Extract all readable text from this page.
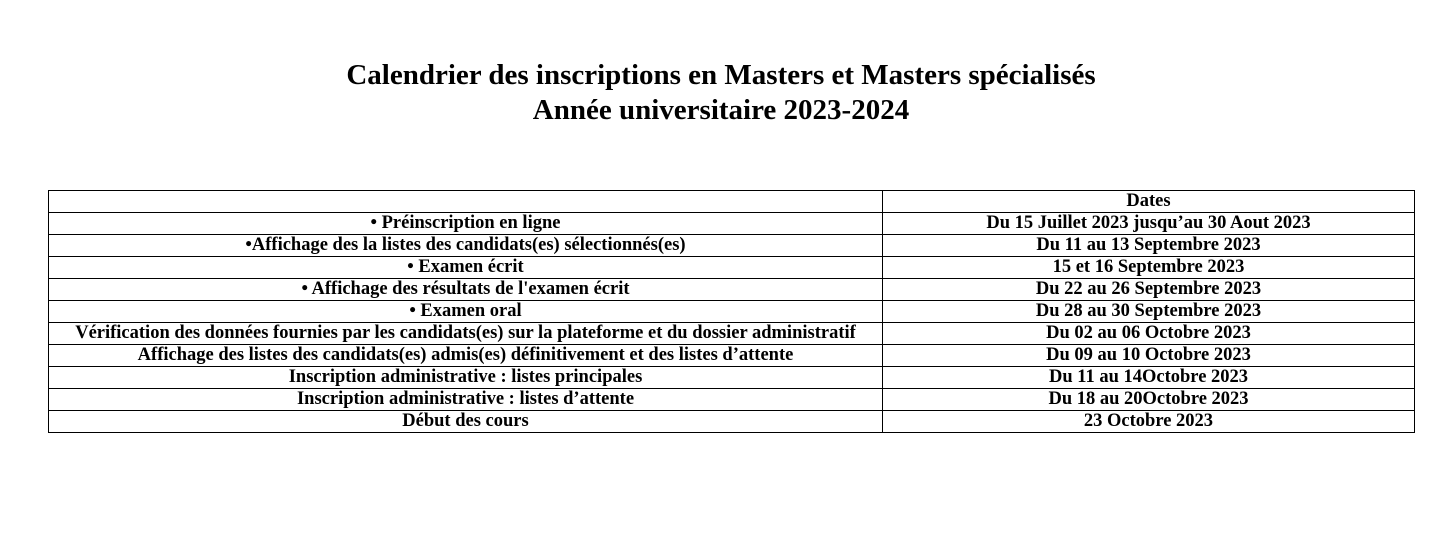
Calendrier des inscriptions en Masters et Masters spécialisés
Année universitaire 2023-2024
	Dates
• Préinscription en ligne	Du 15 Juillet 2023 jusqu’au 30 Aout 2023
•Affichage des la listes des candidats(es) sélectionnés(es)	Du 11 au 13 Septembre 2023
• Examen écrit	15 et 16 Septembre 2023
• Affichage des résultats de l'examen écrit	Du 22 au 26 Septembre 2023
• Examen oral	Du 28 au 30 Septembre 2023
Vérification des données fournies par les candidats(es) sur la plateforme et du dossier administratif	Du 02 au 06 Octobre 2023
Affichage des listes des candidats(es) admis(es) définitivement et des listes d’attente	Du 09 au 10 Octobre 2023
Inscription administrative : listes principales	Du 11 au 14Octobre 2023
Inscription administrative : listes d’attente	Du 18 au 20Octobre 2023
Début des cours	23 Octobre 2023
